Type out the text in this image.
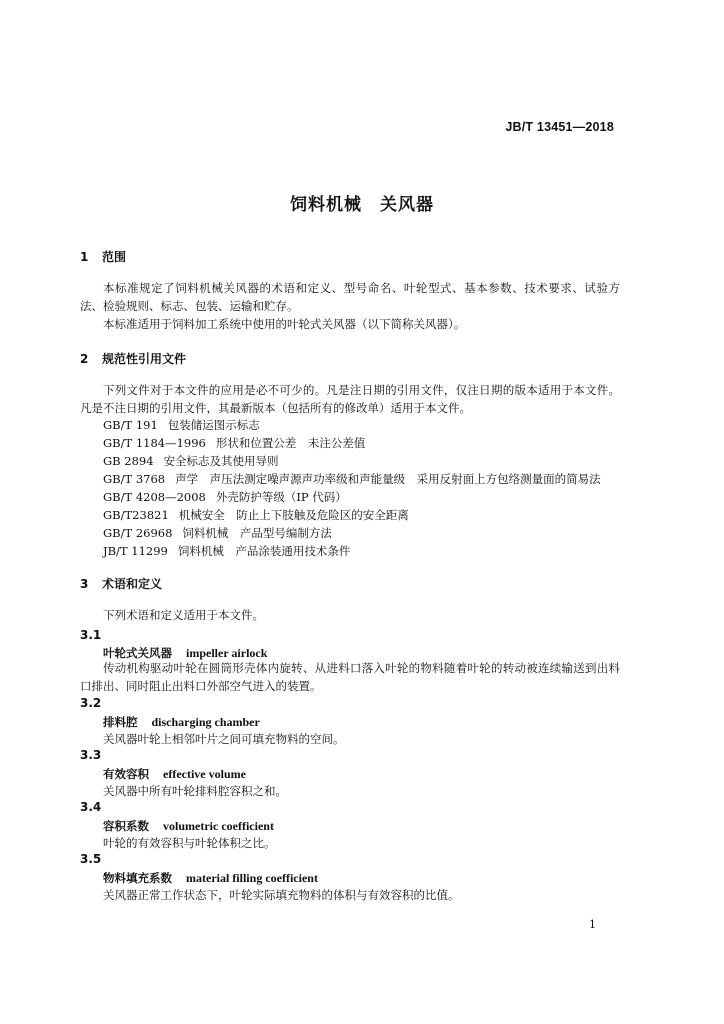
JB/T 13451—2018
饲料机械　关风器
1 范围
本标准规定了饲料机械关风器的术语和定义、型号命名、叶轮型式、基本参数、技术要求、试验方法、检验规则、标志、包装、运输和贮存。
本标准适用于饲料加工系统中使用的叶轮式关风器（以下简称关风器）。
2 规范性引用文件
下列文件对于本文件的应用是必不可少的。凡是注日期的引用文件，仅注日期的版本适用于本文件。凡是不注日期的引用文件，其最新版本（包括所有的修改单）适用于本文件。
GB/T 191 包装储运图示标志
GB/T 1184—1996 形状和位置公差　未注公差值
GB 2894 安全标志及其使用导则
GB/T 3768 声学　声压法测定噪声源声功率级和声能量级　采用反射面上方包络测量面的简易法
GB/T 4208—2008 外壳防护等级（IP 代码）
GB/T23821 机械安全　防止上下肢触及危险区的安全距离
GB/T 26968 饲料机械　产品型号编制方法
JB/T 11299 饲料机械　产品涂装通用技术条件
3 术语和定义
下列术语和定义适用于本文件。
3.1
叶轮式关风器 impeller airlock
传动机构驱动叶轮在圆筒形壳体内旋转、从进料口落入叶轮的物料随着叶轮的转动被连续输送到出料口排出、同时阻止出料口外部空气进入的装置。
3.2
排料腔 discharging chamber
关风器叶轮上相邻叶片之间可填充物料的空间。
3.3
有效容积 effective volume
关风器中所有叶轮排料腔容积之和。
3.4
容积系数 volumetric coefficient
叶轮的有效容积与叶轮体积之比。
3.5
物料填充系数 material filling coefficient
关风器正常工作状态下，叶轮实际填充物料的体积与有效容积的比值。
1
